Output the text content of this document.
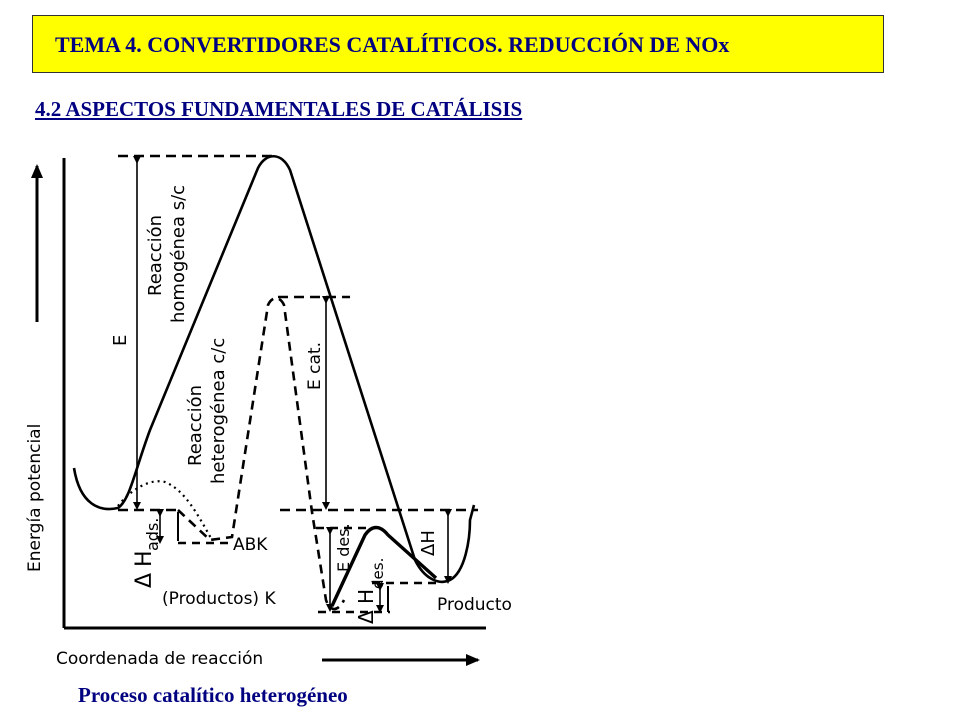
TEMA 4. CONVERTIDORES CATALÍTICOS. REDUCCIÓN DE NOx
4.2 ASPECTOS FUNDAMENTALES DE CATÁLISIS
Energía potencial
Coordenada de reacción
E
Reacción homogénea s/c
Reacción heterogénea c/c	E cat.
E des.	ΔH
Δ
H
ads.
Δ
H
des.
ABK
(Productos) K	Producto
Proceso catalítico heterogéneo
